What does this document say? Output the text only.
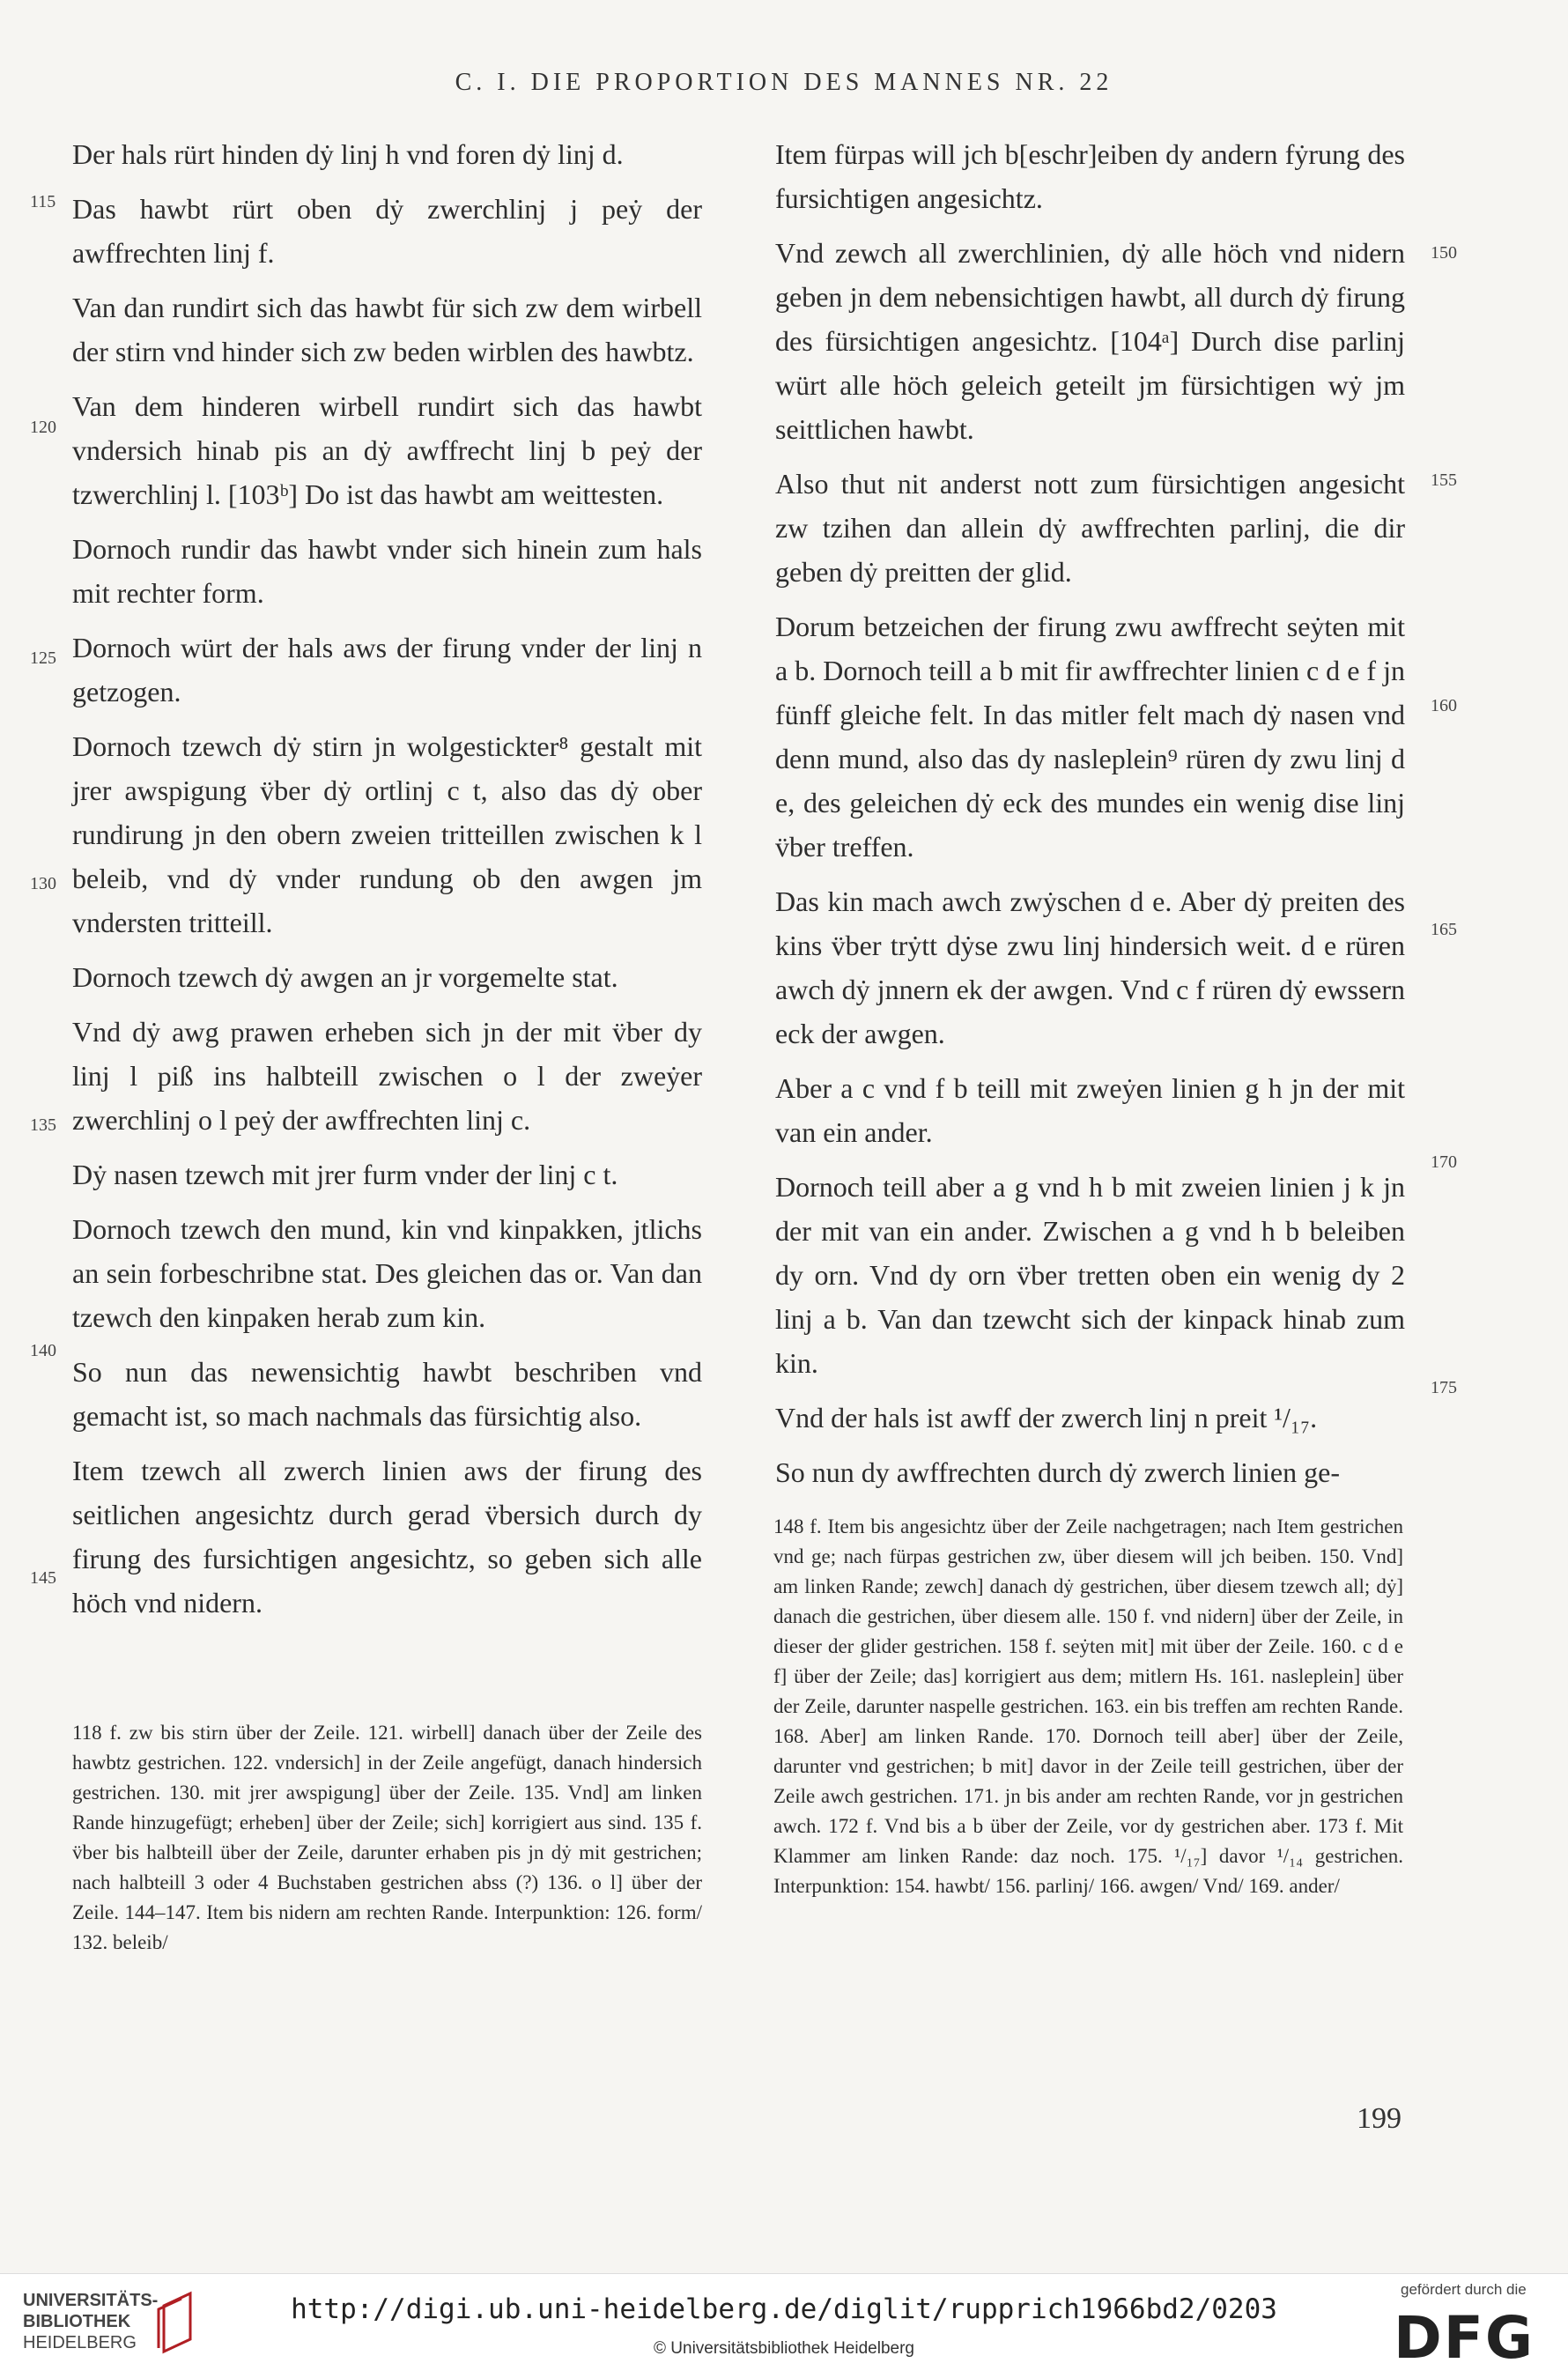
C. I. DIE PROPORTION DES MANNES NR. 22

Der hals rürt hinden dẏ linj h vnd foren dẏ linj d.

Das hawbt rürt oben dẏ zwerchlinj j peẏ der awffrechten linj f.

Van dan rundirt sich das hawbt für sich zw dem wirbell der stirn vnd hinder sich zw beden wirblen des hawbtz.

Van dem hinderen wirbell rundirt sich das hawbt vndersich hinab pis an dẏ awffrecht linj b peẏ der tzwerchlinj l. [103ᵇ] Do ist das hawbt am weittesten.

Dornoch rundir das hawbt vnder sich hinein zum hals mit rechter form.

Dornoch würt der hals aws der firung vnder der linj n getzogen.

Dornoch tzewch dẏ stirn jn wolgestickter⁸ gestalt mit jrer awspigung v̈ber dẏ ortlinj c t, also das dẏ ober rundirung jn den obern zweien tritteillen zwischen k l beleib, vnd dẏ vnder rundung ob den awgen jm vndersten tritteill.

Dornoch tzewch dẏ awgen an jr vorgemelte stat.

Vnd dẏ awg prawen erheben sich jn der mit v̈ber dy linj l piß ins halbteill zwischen o l der zweẏer zwerchlinj o l peẏ der awffrechten linj c.

Dẏ nasen tzewch mit jrer furm vnder der linj c t.

Dornoch tzewch den mund, kin vnd kinpakken, jtlichs an sein forbeschribne stat. Des gleichen das or. Van dan tzewch den kinpaken herab zum kin.

So nun das newensichtig hawbt beschriben vnd gemacht ist, so mach nachmals das fürsichtig also.

Item tzewch all zwerch linien aws der firung des seitlichen angesichtz durch gerad v̈bersich durch dy firung des fursichtigen angesichtz, so geben sich alle höch vnd nidern.

Item fürpas will jch b[eschr]eiben dy andern fẏrung des fursichtigen angesichtz.

Vnd zewch all zwerchlinien, dẏ alle höch vnd nidern geben jn dem nebensichtigen hawbt, all durch dẏ firung des fürsichtigen angesichtz. [104ᵃ] Durch dise parlinj würt alle höch geleich geteilt jm fürsichtigen wẏ jm seittlichen hawbt.

Also thut nit anderst nott zum fürsichtigen angesicht zw tzihen dan allein dẏ awffrechten parlinj, die dir geben dẏ preitten der glid.

Dorum betzeichen der firung zwu awffrecht seẏten mit a b. Dornoch teill a b mit fir awffrechter linien c d e f jn fünff gleiche felt. In das mitler felt mach dẏ nasen vnd denn mund, also das dy nasleplein⁹ rüren dy zwu linj d e, des geleichen dẏ eck des mundes ein wenig dise linj v̈ber treffen.

Das kin mach awch zwẏschen d e. Aber dẏ preiten des kins v̈ber trẏtt dẏse zwu linj hindersich weit. d e rüren awch dẏ jnnern ek der awgen. Vnd c f rüren dẏ ewssern eck der awgen.

Aber a c vnd f b teill mit zweẏen linien g h jn der mit van ein ander.

Dornoch teill aber a g vnd h b mit zweien linien j k jn der mit van ein ander. Zwischen a g vnd h b beleiben dy orn. Vnd dy orn v̈ber tretten oben ein wenig dy 2 linj a b. Van dan tzewcht sich der kinpack hinab zum kin.

Vnd der hals ist awff der zwerch linj n preit ¹/₁₇.

So nun dy awffrechten durch dẏ zwerch linien ge-

115
120
125
130
135
140
145
150
155
160
165
170
175
118 f. zw bis stirn über der Zeile. 121. wirbell] danach über der Zeile des hawbtz gestrichen. 122. vndersich] in der Zeile angefügt, danach hindersich gestrichen. 130. mit jrer awspigung] über der Zeile. 135. Vnd] am linken Rande hinzugefügt; erheben] über der Zeile; sich] korrigiert aus sind. 135 f. v̈ber bis halbteill über der Zeile, darunter erhaben pis jn dẏ mit gestrichen; nach halbteill 3 oder 4 Buchstaben gestrichen abss (?) 136. o l] über der Zeile. 144–147. Item bis nidern am rechten Rande. Interpunktion: 126. form/ 132. beleib/
148 f. Item bis angesichtz über der Zeile nachgetragen; nach Item gestrichen vnd ge; nach fürpas gestrichen zw, über diesem will jch beiben. 150. Vnd] am linken Rande; zewch] danach dẏ gestrichen, über diesem tzewch all; dẏ] danach die gestrichen, über diesem alle. 150 f. vnd nidern] über der Zeile, in dieser der glider gestrichen. 158 f. seẏten mit] mit über der Zeile. 160. c d e f] über der Zeile; das] korrigiert aus dem; mitlern Hs. 161. nasleplein] über der Zeile, darunter naspelle gestrichen. 163. ein bis treffen am rechten Rande. 168. Aber] am linken Rande. 170. Dornoch teill aber] über der Zeile, darunter vnd gestrichen; b mit] davor in der Zeile teill gestrichen, über der Zeile awch gestrichen. 171. jn bis ander am rechten Rande, vor jn gestrichen awch. 172 f. Vnd bis a b über der Zeile, vor dy gestrichen aber. 173 f. Mit Klammer am linken Rande: daz noch. 175. ¹/₁₇] davor ¹/₁₄ gestrichen. Interpunktion: 154. hawbt/ 156. parlinj/ 166. awgen/ Vnd/ 169. ander/
199
UNIVERSITÄTS-
BIBLIOTHEK
HEIDELBERG
http://digi.ub.uni-heidelberg.de/diglit/rupprich1966bd2/0203
© Universitätsbibliothek Heidelberg
gefördert durch die
DFG
